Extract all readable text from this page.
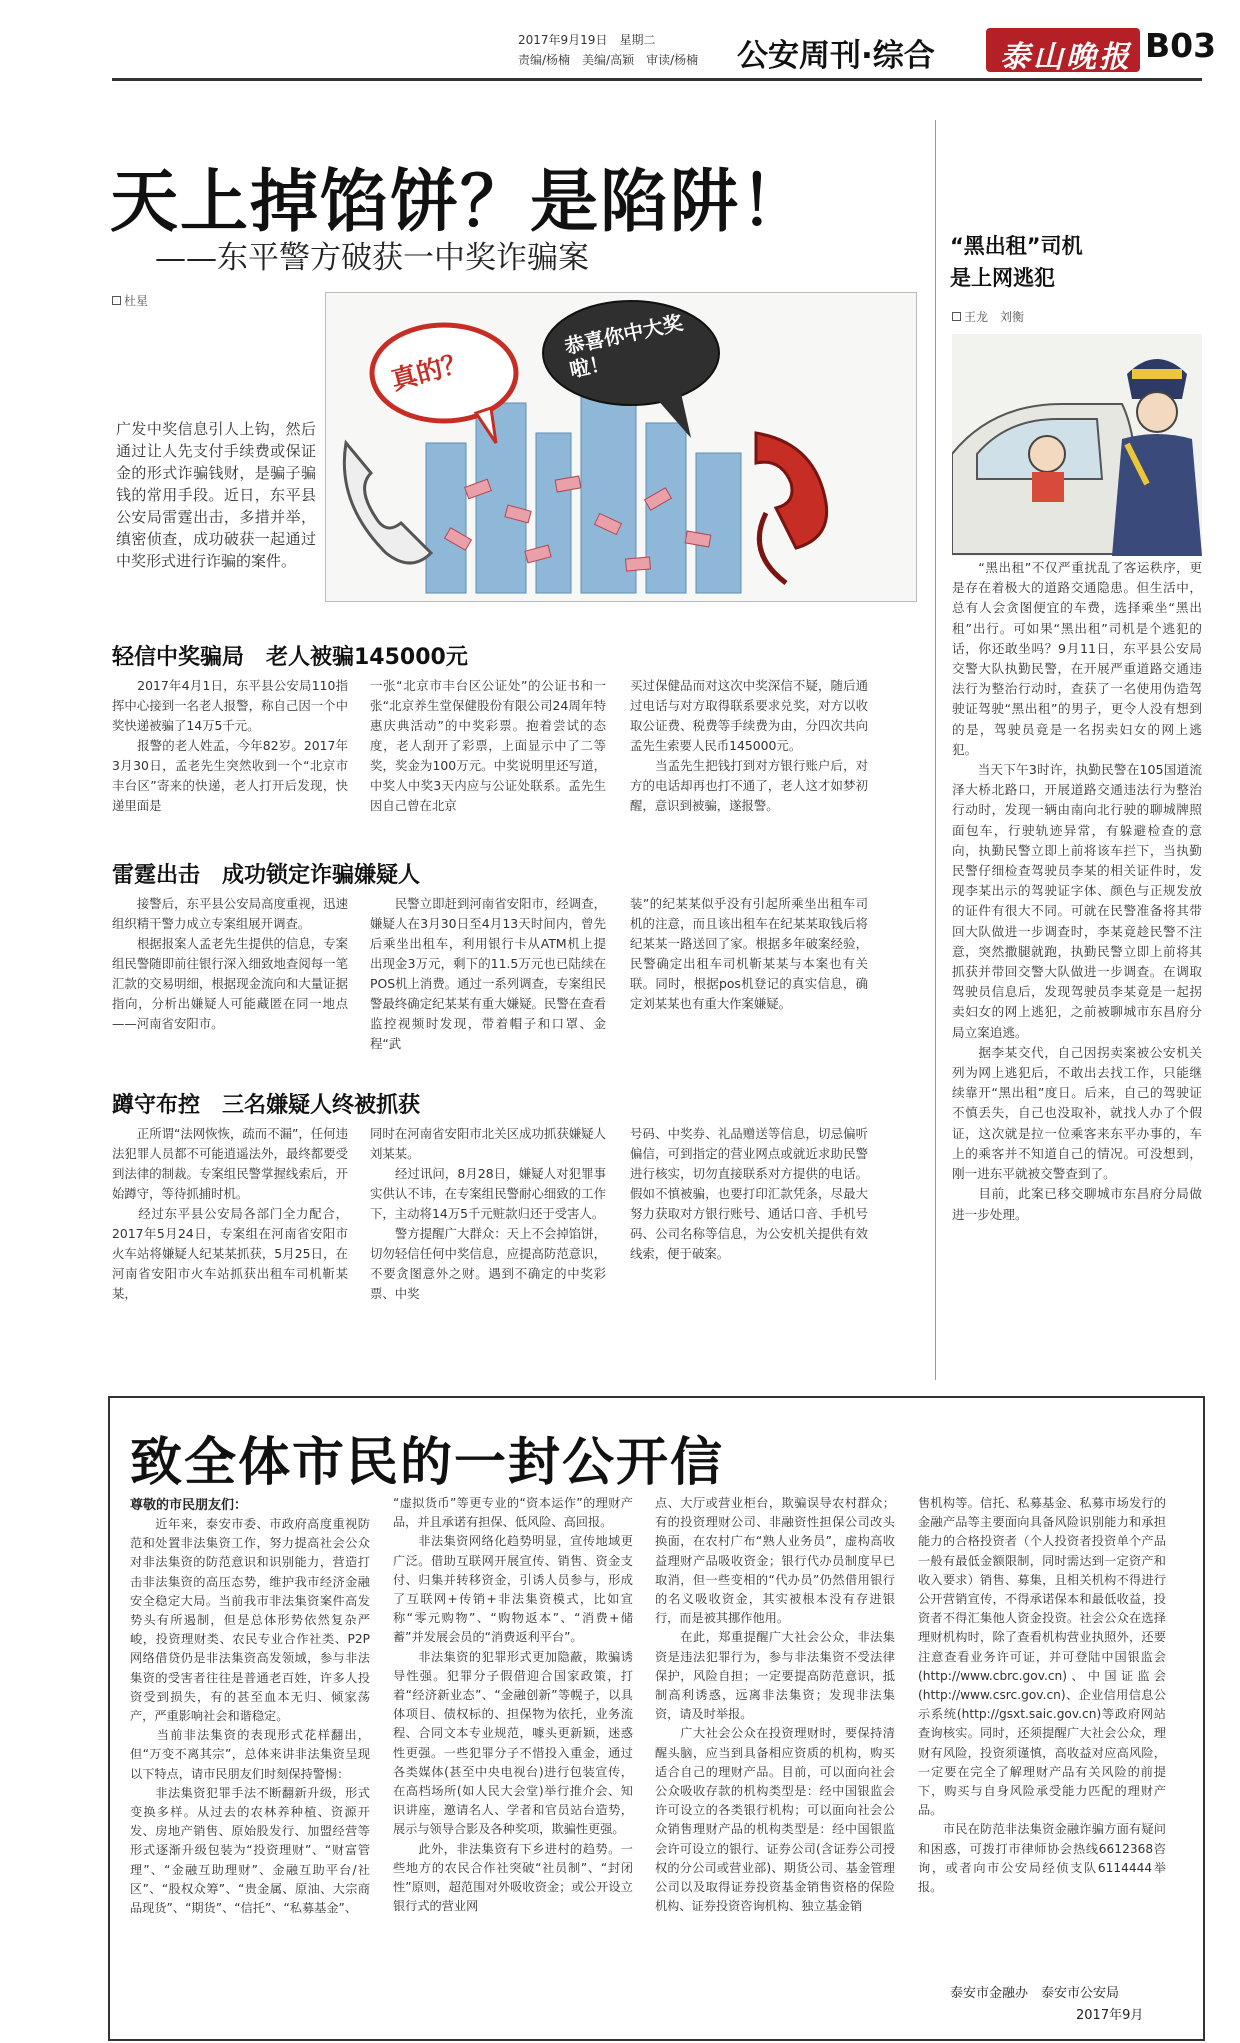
2017年9月19日　星期二
责编/杨楠　美编/高颖　审读/杨楠 公安周刊·综合 泰山晚报 B03
天上掉馅饼？是陷阱！
——东平警方破获一中奖诈骗案
杜星
真的？
恭喜你中大奖啦！
广发中奖信息引人上钩，然后通过让人先支付手续费或保证金的形式诈骗钱财，是骗子骗钱的常用手段。近日，东平县公安局雷霆出击，多措并举，缜密侦查，成功破获一起通过中奖形式进行诈骗的案件。
轻信中奖骗局　老人被骗145000元
　　2017年4月1日，东平县公安局110指挥中心接到一名老人报警，称自己因一个中奖快递被骗了14万5千元。
　　报警的老人姓孟，今年82岁。2017年3月30日，孟老先生突然收到一个“北京市丰台区”寄来的快递，老人打开后发现，快递里面是
一张“北京市丰台区公证处”的公证书和一张“北京养生堂保健股份有限公司24周年特惠庆典活动”的中奖彩票。抱着尝试的态度，老人刮开了彩票，上面显示中了二等奖，奖金为100万元。中奖说明里还写道，中奖人中奖3天内应与公证处联系。孟先生因自己曾在北京
买过保健品而对这次中奖深信不疑，随后通过电话与对方取得联系要求兑奖，对方以收取公证费、税费等手续费为由，分四次共向孟先生索要人民币145000元。
　　当孟先生把钱打到对方银行账户后，对方的电话却再也打不通了，老人这才如梦初醒，意识到被骗，遂报警。
雷霆出击　成功锁定诈骗嫌疑人
　　接警后，东平县公安局高度重视，迅速组织精干警力成立专案组展开调查。
　　根据报案人孟老先生提供的信息，专案组民警随即前往银行深入细致地查阅每一笔汇款的交易明细，根据现金流向和大量证据指向，分析出嫌疑人可能藏匿在同一地点——河南省安阳市。
　　民警立即赶到河南省安阳市，经调查，嫌疑人在3月30日至4月13天时间内，曾先后乘坐出租车，利用银行卡从ATM机上提出现金3万元，剩下的11.5万元也已陆续在POS机上消费。通过一系列调查，专案组民警最终确定纪某某有重大嫌疑。民警在查看监控视频时发现，带着帽子和口罩、金程“武
装”的纪某某似乎没有引起所乘坐出租车司机的注意，而且该出租车在纪某某取钱后将纪某某一路送回了家。根据多年破案经验，民警确定出租车司机靳某某与本案也有关联。同时，根据pos机登记的真实信息，确定刘某某也有重大作案嫌疑。
蹲守布控　三名嫌疑人终被抓获
　　正所谓“法网恢恢，疏而不漏”，任何违法犯罪人员都不可能逍遥法外，最终都要受到法律的制裁。专案组民警掌握线索后，开始蹲守，等待抓捕时机。
　　经过东平县公安局各部门全力配合，2017年5月24日，专案组在河南省安阳市火车站将嫌疑人纪某某抓获，5月25日，在河南省安阳市火车站抓获出租车司机靳某某，
同时在河南省安阳市北关区成功抓获嫌疑人刘某某。
　　经过讯问，8月28日，嫌疑人对犯罪事实供认不讳，在专案组民警耐心细致的工作下，主动将14万5千元赃款归还于受害人。
　　警方提醒广大群众：天上不会掉馅饼，切勿轻信任何中奖信息，应提高防范意识，不要贪图意外之财。遇到不确定的中奖彩票、中奖
号码、中奖券、礼品赠送等信息，切忌偏听偏信，可到指定的营业网点或就近求助民警进行核实，切勿直接联系对方提供的电话。假如不慎被骗，也要打印汇款凭条，尽最大努力获取对方银行账号、通话口音、手机号码、公司名称等信息，为公安机关提供有效线索，便于破案。
“黑出租”司机
是上网逃犯
王龙　刘衡
　　“黑出租”不仅严重扰乱了客运秩序，更是存在着极大的道路交通隐患。但生活中，总有人会贪图便宜的车费，选择乘坐“黑出租”出行。可如果“黑出租”司机是个逃犯的话，你还敢坐吗？9月11日，东平县公安局交警大队执勤民警，在开展严重道路交通违法行为整治行动时，查获了一名使用伪造驾驶证驾驶“黑出租”的男子，更令人没有想到的是，驾驶员竟是一名拐卖妇女的网上逃犯。
　　当天下午3时许，执勤民警在105国道流泽大桥北路口，开展道路交通违法行为整治行动时，发现一辆由南向北行驶的聊城牌照面包车，行驶轨迹异常，有躲避检查的意向，执勤民警立即上前将该车拦下，当执勤民警仔细检查驾驶员李某的相关证件时，发现李某出示的驾驶证字体、颜色与正规发放的证件有很大不同。可就在民警准备将其带回大队做进一步调查时，李某竟趁民警不注意，突然撒腿就跑，执勤民警立即上前将其抓获并带回交警大队做进一步调查。在调取驾驶员信息后，发现驾驶员李某竟是一起拐卖妇女的网上逃犯，之前被聊城市东昌府分局立案追逃。
　　据李某交代，自己因拐卖案被公安机关列为网上逃犯后，不敢出去找工作，只能继续靠开“黑出租”度日。后来，自己的驾驶证不慎丢失，自己也没取补，就找人办了个假证，这次就是拉一位乘客来东平办事的，车上的乘客并不知道自己的情况。可没想到，刚一进东平就被交警查到了。
　　目前，此案已移交聊城市东昌府分局做进一步处理。
致全体市民的一封公开信
尊敬的市民朋友们：
　　近年来，泰安市委、市政府高度重视防范和处置非法集资工作，努力提高社会公众对非法集资的防范意识和识别能力，营造打击非法集资的高压态势，维护我市经济金融安全稳定大局。当前我市非法集资案件高发势头有所遏制，但是总体形势依然复杂严峻，投资理财类、农民专业合作社类、P2P网络借贷仍是非法集资高发领域，参与非法集资的受害者往往是普通老百姓，许多人投资受到损失，有的甚至血本无归、倾家荡产，严重影响社会和谐稳定。
　　当前非法集资的表现形式花样翻出，但“万变不离其宗”，总体来讲非法集资呈现以下特点，请市民朋友们时刻保持警惕：
　　非法集资犯罪手法不断翻新升级，形式变换多样。从过去的农林养种植、资源开发、房地产销售、原始股发行、加盟经营等形式逐渐升级包装为“投资理财”、“财富管理”、“金融互助理财”、金融互助平台/社区”、“股权众筹”、“贵金属、原油、大宗商品现货”、“期货”、“信托”、“私募基金”、
“虚拟货币”等更专业的“资本运作”的理财产品，并且承诺有担保、低风险、高回报。
　　非法集资网络化趋势明显，宣传地域更广泛。借助互联网开展宣传、销售、资金支付、归集并转移资金，引诱人员参与，形成了互联网+传销+非法集资模式，比如宣称“零元购物”、“购物返本”、“消费+储蓄”并发展会员的“消费返利平台”。
　　非法集资的犯罪形式更加隐蔽，欺骗诱导性强。犯罪分子假借迎合国家政策，打着“经济新业态”、“金融创新”等幌子，以具体项目、债权标的、担保物为依托，业务流程、合同文本专业规范，噱头更新颖，迷惑性更强。一些犯罪分子不惜投入重金，通过各类媒体(甚至中央电视台)进行包装宣传，在高档场所(如人民大会堂)举行推介会、知识讲座，邀请名人、学者和官员站台造势，展示与领导合影及各种奖项，欺骗性更强。
　　此外，非法集资有下乡进村的趋势。一些地方的农民合作社突破“社员制”、“封闭性”原则，超范围对外吸收资金；或公开设立银行式的营业网
点、大厅或营业柜台，欺骗误导农村群众；有的投资理财公司、非融资性担保公司改头换面，在农村广布“熟人业务员”，虚构高收益理财产品吸收资金；银行代办员制度早已取消，但一些变相的“代办员”仍然借用银行的名义吸收资金，其实被根本没有存进银行，而是被其挪作他用。
　　在此，郑重提醒广大社会公众，非法集资是违法犯罪行为，参与非法集资不受法律保护，风险自担；一定要提高防范意识，抵制高利诱惑，远离非法集资；发现非法集资，请及时举报。
　　广大社会公众在投资理财时，要保持清醒头脑，应当到具备相应资质的机构，购买适合自己的理财产品。目前，可以面向社会公众吸收存款的机构类型是：经中国银监会许可设立的各类银行机构；可以面向社会公众销售理财产品的机构类型是：经中国银监会许可设立的银行、证券公司(含证券公司授权的分公司或营业部)、期货公司、基金管理公司以及取得证券投资基金销售资格的保险机构、证券投资咨询机构、独立基金销
售机构等。信托、私募基金、私募市场发行的金融产品等主要面向具备风险识别能力和承担能力的合格投资者（个人投资者投资单个产品一般有最低金额限制，同时需达到一定资产和收入要求）销售、募集，且相关机构不得进行公开营销宣传，不得承诺保本和最低收益，投资者不得汇集他人资金投资。社会公众在选择理财机构时，除了查看机构营业执照外，还要注意查看业务许可证，并可登陆中国银监会(http://www.cbrc.gov.cn)、中国证监会(http://www.csrc.gov.cn)、企业信用信息公示系统(http://gsxt.saic.gov.cn)等政府网站查询核实。同时，还须提醒广大社会公众，理财有风险，投资须谨慎，高收益对应高风险，一定要在完全了解理财产品有关风险的前提下，购买与自身风险承受能力匹配的理财产品。
　　市民在防范非法集资金融诈骗方面有疑问和困惑，可拨打市律师协会热线6612368咨询，或者向市公安局经侦支队6114444举报。
泰安市金融办　泰安市公安局
2017年9月
